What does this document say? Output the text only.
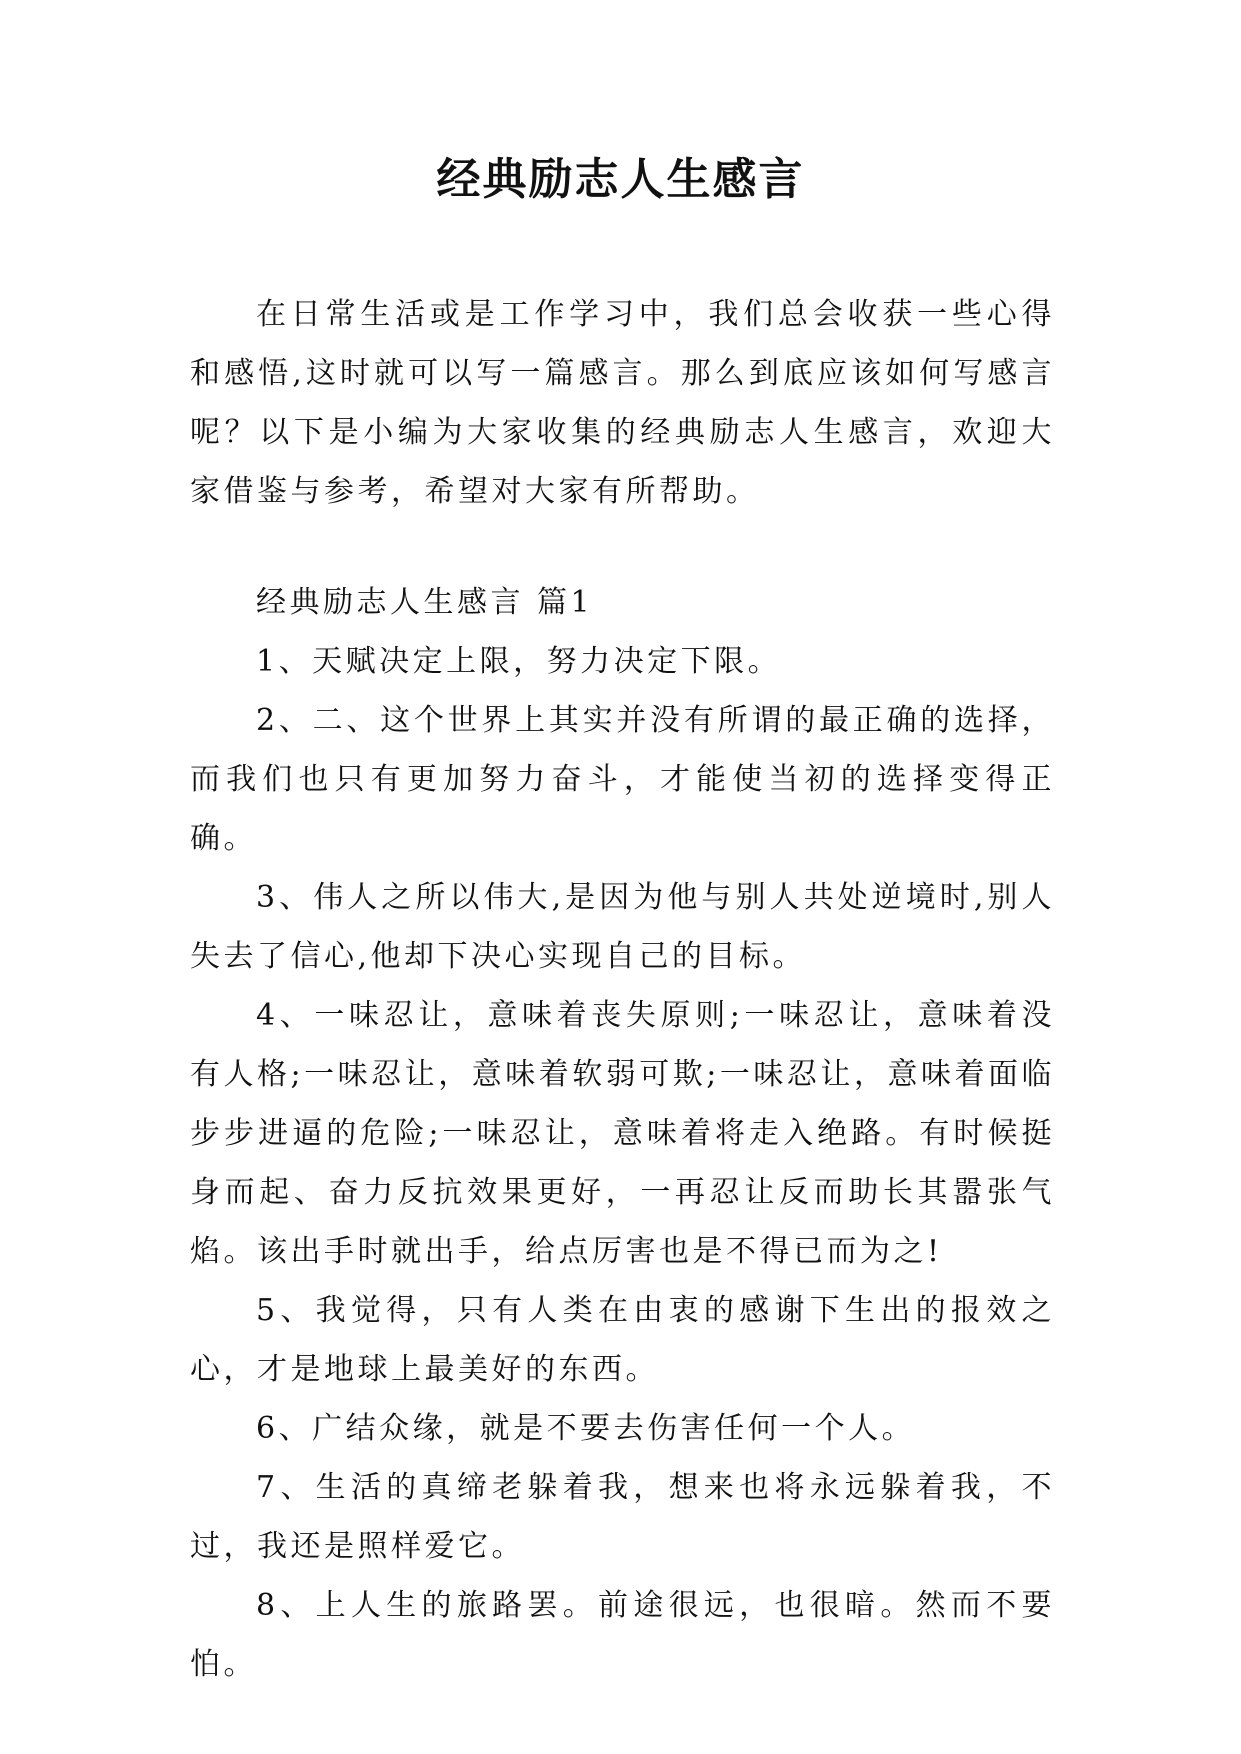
经典励志人生感言

在日常生活或是工作学习中，我们总会收获一些心得和感悟,这时就可以写一篇感言。那么到底应该如何写感言呢？以下是小编为大家收集的经典励志人生感言，欢迎大家借鉴与参考，希望对大家有所帮助。

经典励志人生感言 篇1

1、天赋决定上限，努力决定下限。

2、二、这个世界上其实并没有所谓的最正确的选择，而我们也只有更加努力奋斗，才能使当初的选择变得正确。

3、伟人之所以伟大,是因为他与别人共处逆境时,别人失去了信心,他却下决心实现自己的目标。

4、一味忍让，意味着丧失原则;一味忍让，意味着没有人格;一味忍让，意味着软弱可欺;一味忍让，意味着面临步步进逼的危险;一味忍让，意味着将走入绝路。有时候挺身而起、奋力反抗效果更好，一再忍让反而助长其嚣张气焰。该出手时就出手，给点厉害也是不得已而为之!

5、我觉得，只有人类在由衷的感谢下生出的报效之心，才是地球上最美好的东西。

6、广结众缘，就是不要去伤害任何一个人。

7、生活的真缔老躲着我，想来也将永远躲着我，不过，我还是照样爱它。

8、上人生的旅路罢。前途很远，也很暗。然而不要怕。
